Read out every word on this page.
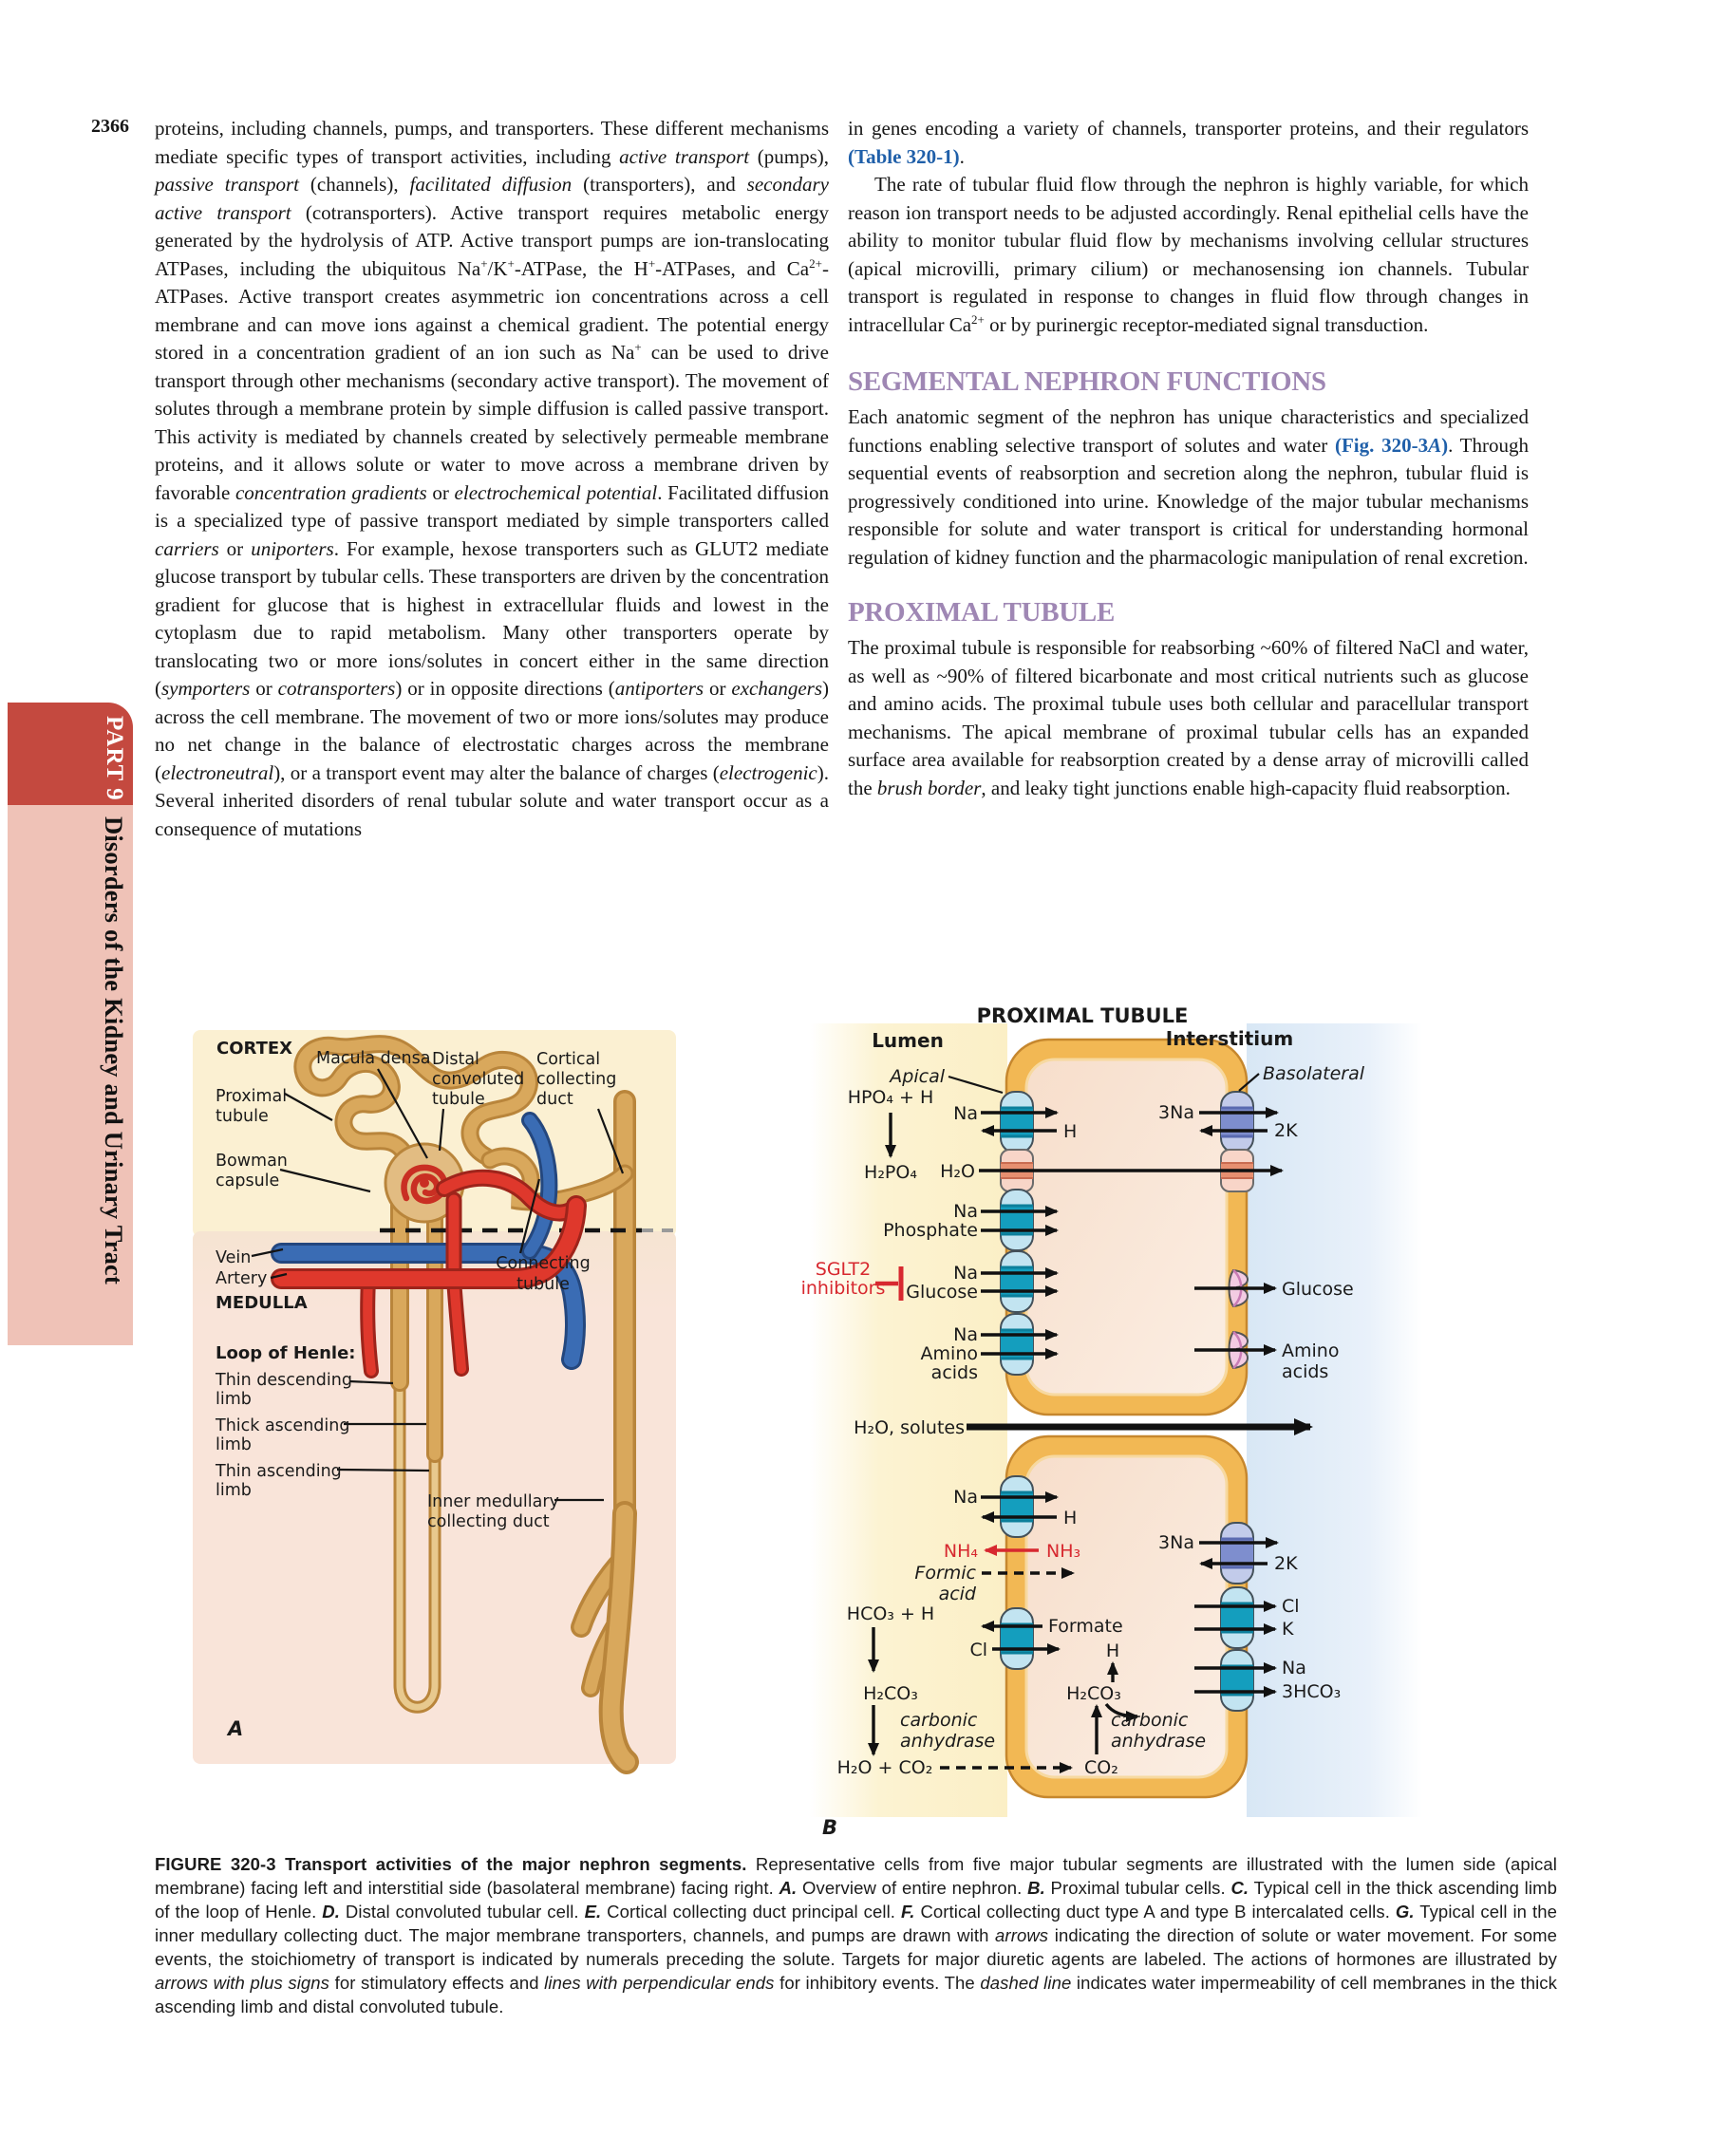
2366
PART 9
Disorders of the Kidney and Urinary Tract

proteins, including channels, pumps, and transporters. These different mechanisms mediate specific types of transport activities, including active transport (pumps), passive transport (channels), facilitated diffusion (transporters), and secondary active transport (cotransporters). Active transport requires metabolic energy generated by the hydrolysis of ATP. Active transport pumps are ion-translocating ATPases, including the ubiquitous Na+/K+-ATPase, the H+-ATPases, and $Ca^{2+}$-ATPases. Active transport creates asymmetric ion concentrations across a cell membrane and can move ions against a chemical gradient. The potential energy stored in a concentration gradient of an ion such as Na+ can be used to drive transport through other mechanisms (secondary active transport). The movement of solutes through a membrane protein by simple diffusion is called passive transport. This activity is mediated by channels created by selectively permeable membrane proteins, and it allows solute or water to move across a membrane driven by favorable concentration gradients or electrochemical potential. Facilitated diffusion is a specialized type of passive transport mediated by simple transporters called carriers or uniporters. For example, hexose transporters such as GLUT2 mediate glucose transport by tubular cells. These transporters are driven by the concentration gradient for glucose that is highest in extracellular fluids and lowest in the cytoplasm due to rapid metabolism. Many other transporters operate by translocating two or more ions/solutes in concert either in the same direction (symporters or cotransporters) or in opposite directions (antiporters or exchangers) across the cell membrane. The movement of two or more ions/solutes may produce no net change in the balance of electrostatic charges across the membrane (electroneutral), or a transport event may alter the balance of charges (electrogenic). Several inherited disorders of renal tubular solute and water transport occur as a consequence of mutations

in genes encoding a variety of channels, transporter proteins, and their regulators (Table 320-1).

The rate of tubular fluid flow through the nephron is highly variable, for which reason ion transport needs to be adjusted accordingly. Renal epithelial cells have the ability to monitor tubular fluid flow by mechanisms involving cellular structures (apical microvilli, primary cilium) or mechanosensing ion channels. Tubular transport is regulated in response to changes in fluid flow through changes in intracellular $Ca^{2+}$ or by purinergic receptor-mediated signal transduction.

SEGMENTAL NEPHRON FUNCTIONS

Each anatomic segment of the nephron has unique characteristics and specialized functions enabling selective transport of solutes and water (Fig. 320-3A). Through sequential events of reabsorption and secretion along the nephron, tubular fluid is progressively conditioned into urine. Knowledge of the major tubular mechanisms responsible for solute and water transport is critical for understanding hormonal regulation of kidney function and the pharmacologic manipulation of renal excretion.

PROXIMAL TUBULE

The proximal tubule is responsible for reabsorbing ~60% of filtered NaCl and water, as well as ~90% of filtered bicarbonate and most critical nutrients such as glucose and amino acids. The proximal tubule uses both cellular and paracellular transport mechanisms. The apical membrane of proximal tubular cells has an expanded surface area available for reabsorption created by a dense array of microvilli called the brush border, and leaky tight junctions enable high-capacity fluid reabsorption.

CORTEX Macula densa Distal
convoluted
tubule
Cortical
collecting
duct
Proximal
tubule
Bowman
capsule
Vein
Artery
MEDULLA
Connecting
tubule
Loop of Henle:
Thin descending
limb
Thick ascending
limb
Thin ascending
limb
Inner medullary
collecting duct
A
PROXIMAL TUBULE
Lumen	Interstitium
Apical	Basolateral
HPO₄ + H
Na
H
3Na
2K
H₂PO₄ H₂O
Na
Phosphate
Na
Glucose
SGLT2
inhibitors
Na
Amino
acids
Glucose
Amino
acids
H₂O, solutes
Na
H
NH₄	NH₃
Formic
acid
3Na
2K
HCO₃ + H
Formate
Cl	H
H₂CO₃	H₂CO₃
carbonic
anhydrase
carbonic
anhydrase
H₂O + CO₂	CO₂
Cl
K
Na
3HCO₃
B
FIGURE 320-3 Transport activities of the major nephron segments. Representative cells from five major tubular segments are illustrated with the lumen side (apical membrane) facing left and interstitial side (basolateral membrane) facing right. A. Overview of entire nephron. B. Proximal tubular cells. C. Typical cell in the thick ascending limb of the loop of Henle. D. Distal convoluted tubular cell. E. Cortical collecting duct principal cell. F. Cortical collecting duct type A and type B intercalated cells. G. Typical cell in the inner medullary collecting duct. The major membrane transporters, channels, and pumps are drawn with arrows indicating the direction of solute or water movement. For some events, the stoichiometry of transport is indicated by numerals preceding the solute. Targets for major diuretic agents are labeled. The actions of hormones are illustrated by arrows with plus signs for stimulatory effects and lines with perpendicular ends for inhibitory events. The dashed line indicates water impermeability of cell membranes in the thick ascending limb and distal convoluted tubule.
